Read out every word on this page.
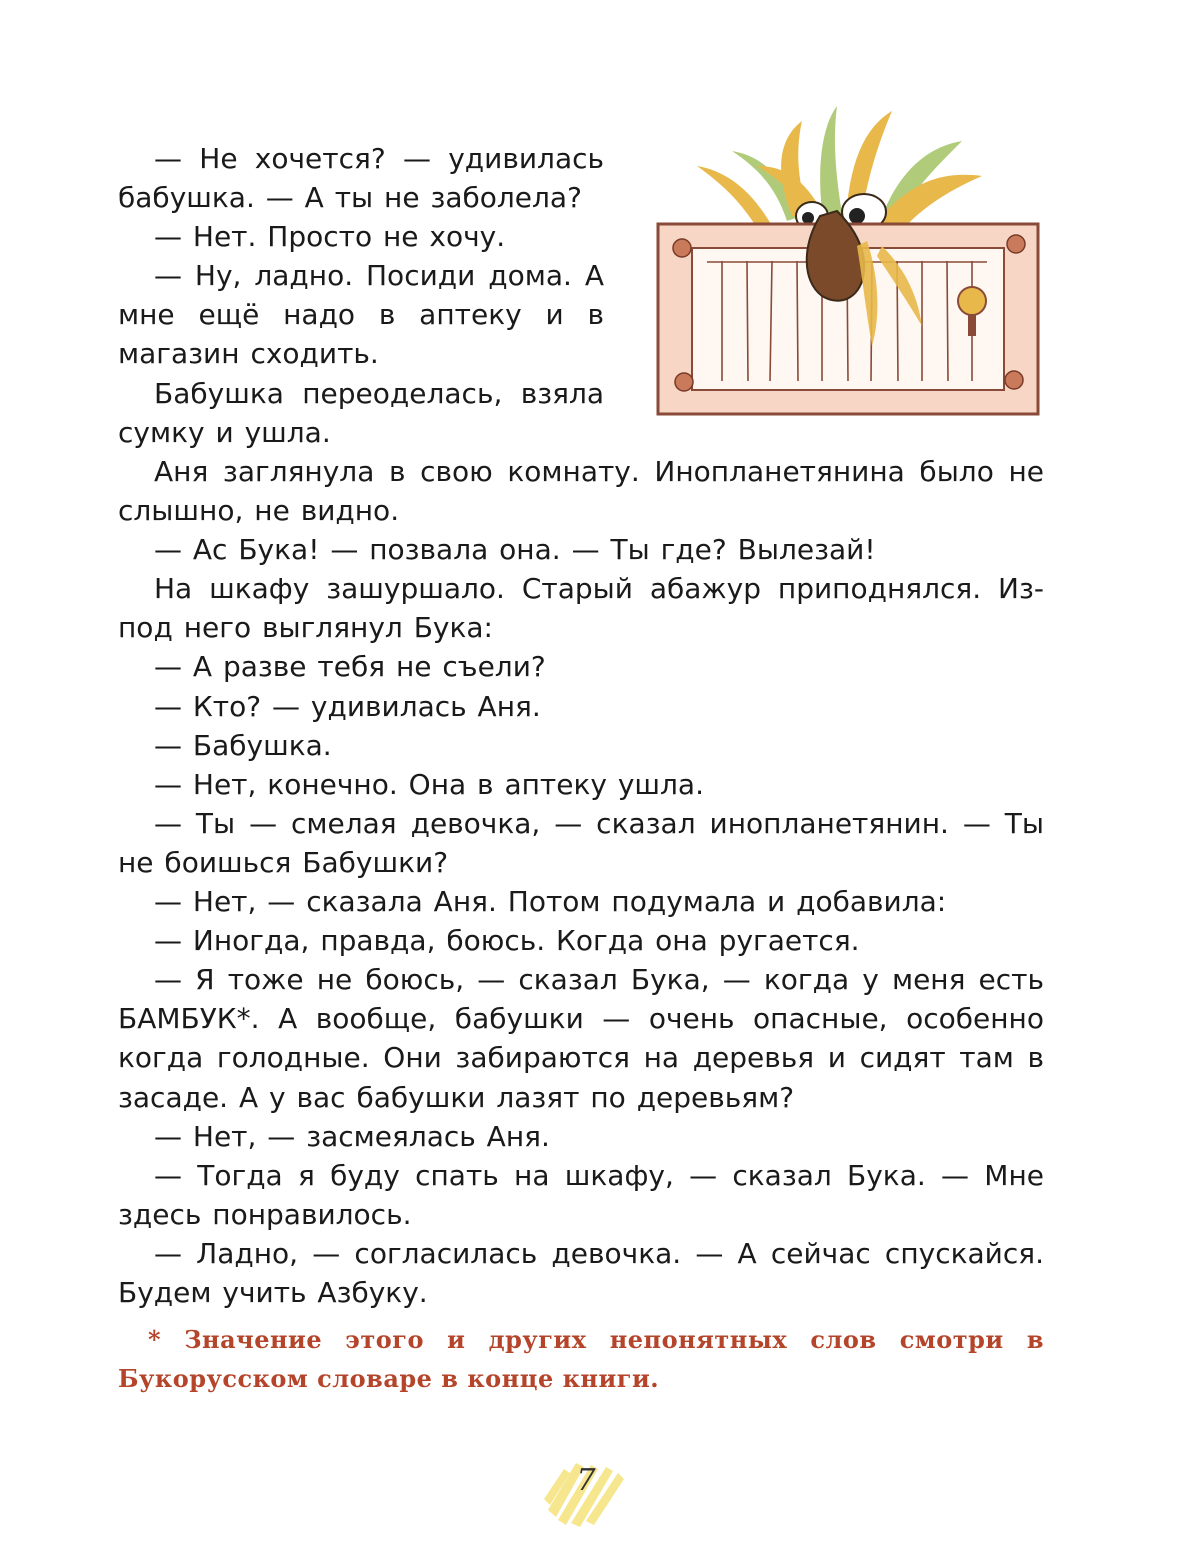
— Не хочется? — удивилась бабушка. — А ты не заболела?

— Нет. Просто не хочу.

— Ну, ладно. Посиди дома. А мне ещё надо в аптеку и в магазин сходить.

Бабушка переоделась, взяла сумку и ушла.

Аня заглянула в свою комнату. Инопланетянина было не слышно, не видно.

— Ас Бука! — позвала она. — Ты где? Вылезай!

На шкафу зашуршало. Старый абажур приподнялся. Из-под него выглянул Бука:

— А разве тебя не съели?

— Кто? — удивилась Аня.

— Бабушка.

— Нет, конечно. Она в аптеку ушла.

— Ты — смелая девочка, — сказал инопланетянин. — Ты не боишься Бабушки?

— Нет, — сказала Аня. Потом подумала и добавила:

— Иногда, правда, боюсь. Когда она ругается.

— Я тоже не боюсь, — сказал Бука, — когда у меня есть БАМБУК*. А вообще, бабушки — очень опасные, особенно когда голодные. Они забираются на деревья и сидят там в засаде. А у вас бабушки лазят по деревьям?

— Нет, — засмеялась Аня.

— Тогда я буду спать на шкафу, — сказал Бука. — Мне здесь понравилось.

— Ладно, — согласилась девочка. — А сейчас спускайся. Будем учить Азбуку.

* Значение этого и других непонятных слов смотри в Букорусском словаре в конце книги.

7
